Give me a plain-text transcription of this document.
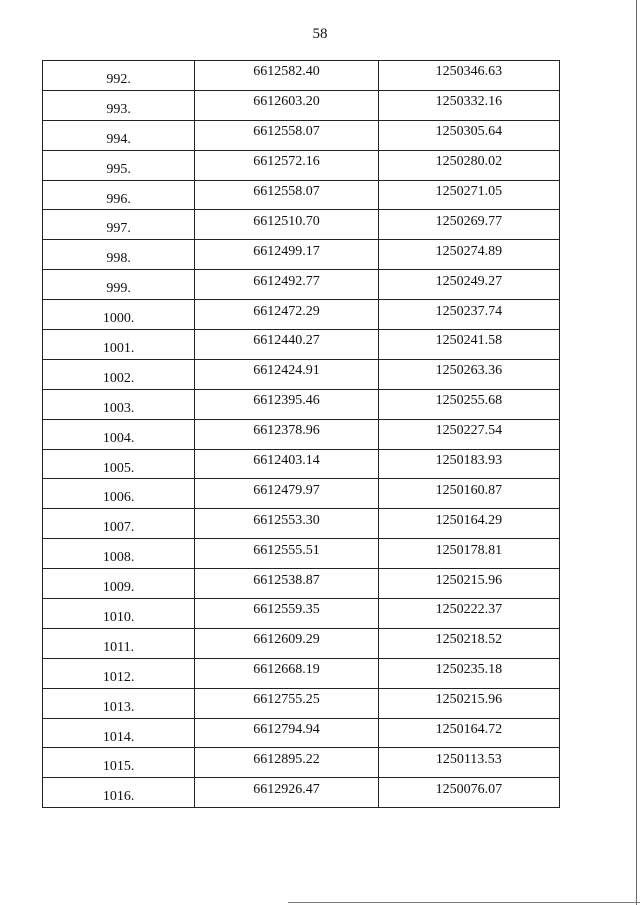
58
992.	6612582.40	1250346.63
993.	6612603.20	1250332.16
994.	6612558.07	1250305.64
995.	6612572.16	1250280.02
996.	6612558.07	1250271.05
997.	6612510.70	1250269.77
998.	6612499.17	1250274.89
999.	6612492.77	1250249.27
1000.	6612472.29	1250237.74
1001.	6612440.27	1250241.58
1002.	6612424.91	1250263.36
1003.	6612395.46	1250255.68
1004.	6612378.96	1250227.54
1005.	6612403.14	1250183.93
1006.	6612479.97	1250160.87
1007.	6612553.30	1250164.29
1008.	6612555.51	1250178.81
1009.	6612538.87	1250215.96
1010.	6612559.35	1250222.37
1011.	6612609.29	1250218.52
1012.	6612668.19	1250235.18
1013.	6612755.25	1250215.96
1014.	6612794.94	1250164.72
1015.	6612895.22	1250113.53
1016.	6612926.47	1250076.07
